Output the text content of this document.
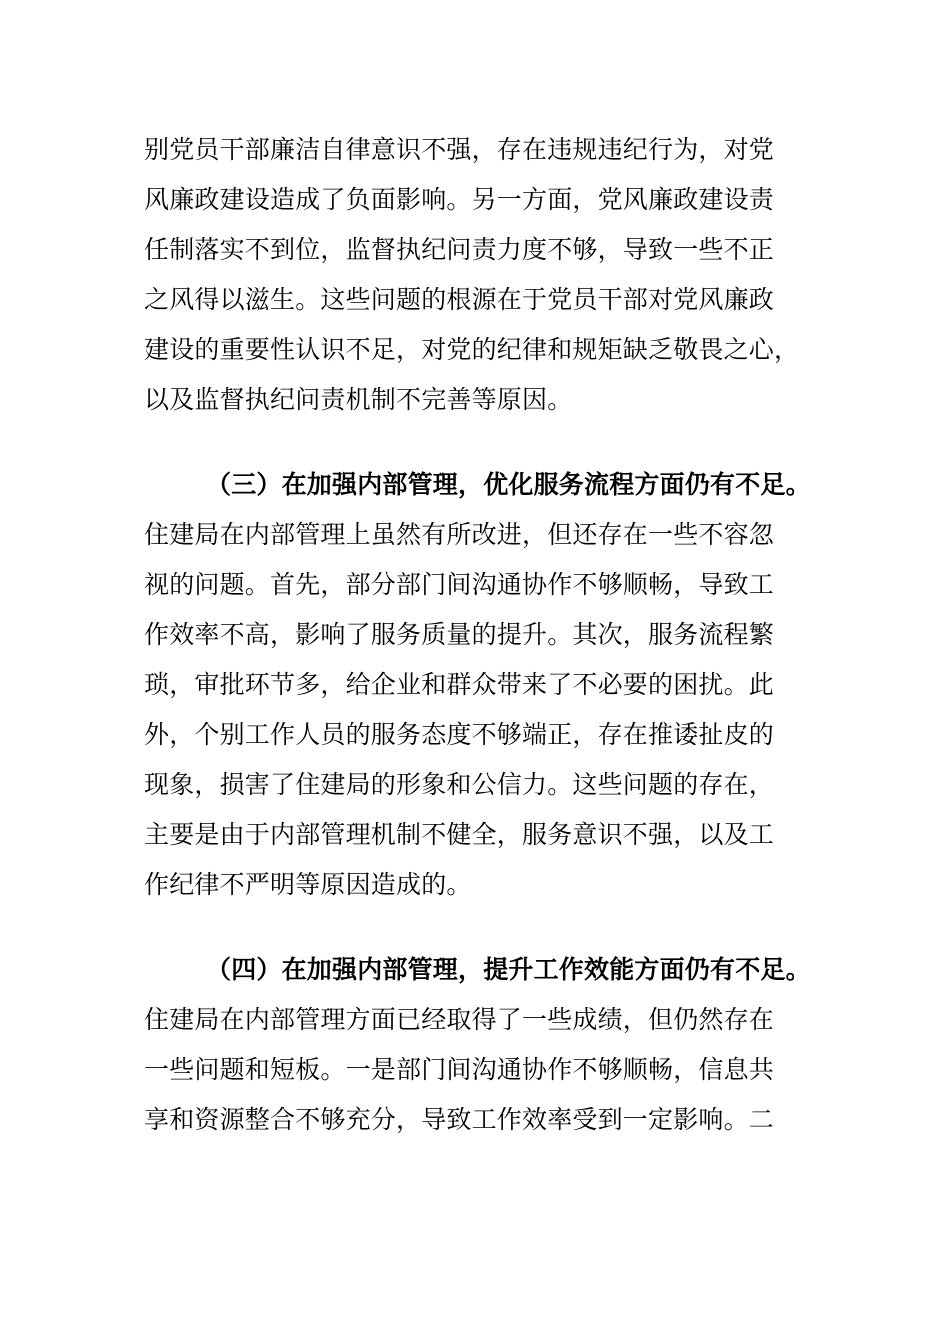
别党员干部廉洁自律意识不强，存在违规违纪行为，对党
风廉政建设造成了负面影响。另一方面，党风廉政建设责
任制落实不到位，监督执纪问责力度不够，导致一些不正
之风得以滋生。这些问题的根源在于党员干部对党风廉政
建设的重要性认识不足，对党的纪律和规矩缺乏敬畏之心，
以及监督执纪问责机制不完善等原因。
（三）在加强内部管理，优化服务流程方面仍有不足。
住建局在内部管理上虽然有所改进，但还存在一些不容忽
视的问题。首先，部分部门间沟通协作不够顺畅，导致工
作效率不高，影响了服务质量的提升。其次，服务流程繁
琐，审批环节多，给企业和群众带来了不必要的困扰。此
外，个别工作人员的服务态度不够端正，存在推诿扯皮的
现象，损害了住建局的形象和公信力。这些问题的存在，
主要是由于内部管理机制不健全，服务意识不强，以及工
作纪律不严明等原因造成的。
（四）在加强内部管理，提升工作效能方面仍有不足。
住建局在内部管理方面已经取得了一些成绩，但仍然存在
一些问题和短板。一是部门间沟通协作不够顺畅，信息共
享和资源整合不够充分，导致工作效率受到一定影响。二
